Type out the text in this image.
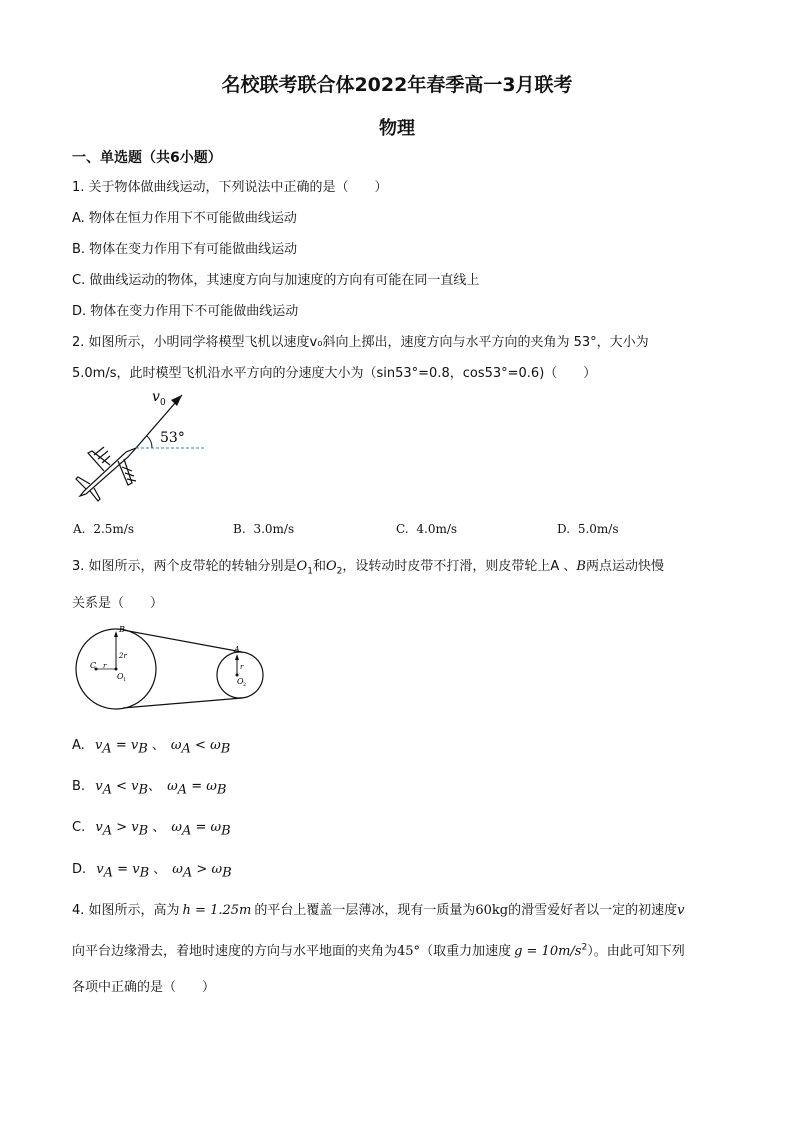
名校联考联合体2022年春季高一3月联考
物理
一、单选题（共6小题）
1. 关于物体做曲线运动，下列说法中正确的是（　　）
A. 物体在恒力作用下不可能做曲线运动
B. 物体在变力作用下有可能做曲线运动
C. 做曲线运动的物体，其速度方向与加速度的方向有可能在同一直线上
D. 物体在变力作用下不可能做曲线运动
2. 如图所示，小明同学将模型飞机以速度v₀斜向上掷出，速度方向与水平方向的夹角为 53°，大小为
5.0m/s，此时模型飞机沿水平方向的分速度大小为（sin53°=0.8，cos53°=0.6)（　　）
v 0
53°
A. 2.5m/s	B. 3.0m/s	C. 4.0m/s	D. 5.0m/s
3. 如图所示，两个皮带轮的转轴分别是$O_1$和$O_2$，设转动时皮带不打滑，则皮带轮上A 、B两点运动快慢
关系是（　　）
B
A
C r
2r
O 1
r
O 2
A. $v_A = v_B$ 、 $\omega_A < \omega_B$
B. $v_A < v_B$、 $\omega_A = \omega_B$
C. $v_A > v_B$ 、 $\omega_A = \omega_B$
D. $v_A = v_B$ 、 $\omega_A > \omega_B$
4. 如图所示，高为 h = 1.25m 的平台上覆盖一层薄冰，现有一质量为60kg的滑雪爱好者以一定的初速度v
向平台边缘滑去，着地时速度的方向与水平地面的夹角为45°（取重力加速度 $g = 10m/s^2$）。由此可知下列
各项中正确的是（　　）
